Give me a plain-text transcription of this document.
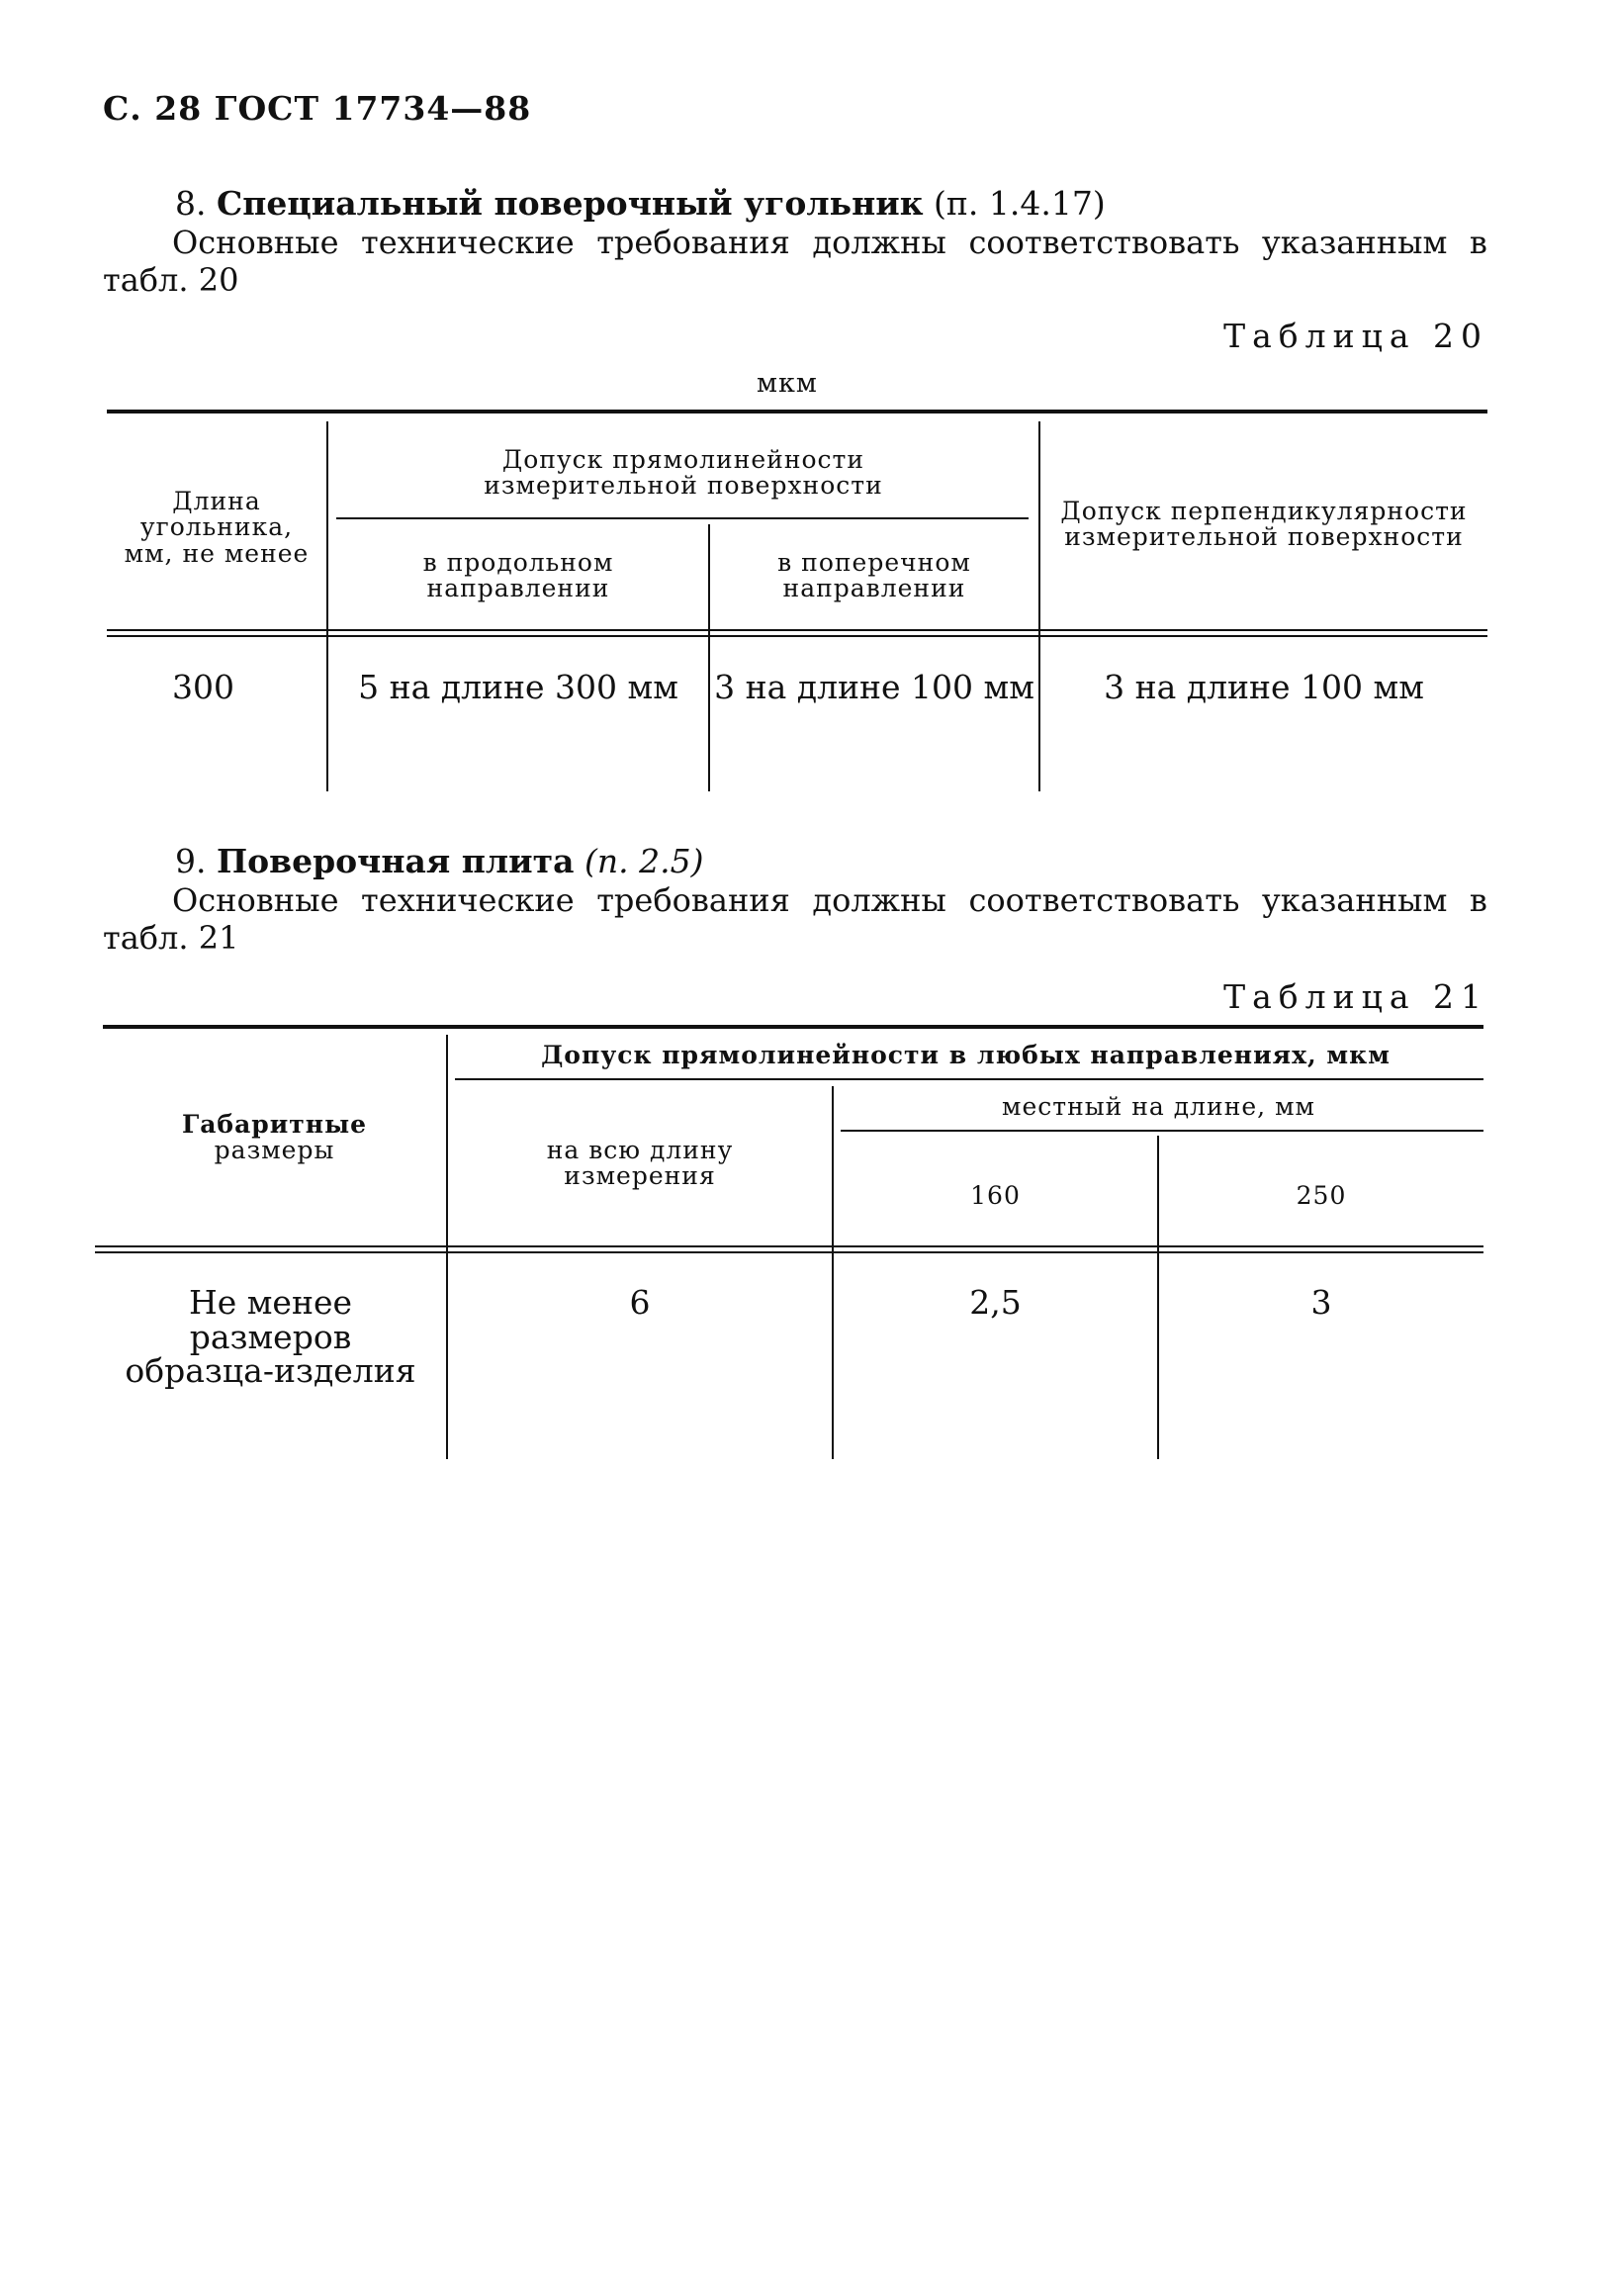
С. 28 ГОСТ 17734—88
8. Специальный поверочный угольник (п. 1.4.17)
Основные технические требования должны соответствовать указанным в
табл. 20
Таблица 20
мкм
Длина
угольника,
мм, не менее
Допуск прямолинейности
измерительной поверхности
в продольном
направлении
в поперечном
направлении
Допуск перпендикулярности
измерительной поверхности
300	5 на длине 300 мм	3 на длине 100 мм	3 на длине 100 мм
9. Поверочная плита (п. 2.5)
Основные технические требования должны соответствовать указанным в
табл. 21
Таблица 21
Габаритные
размеры
Допуск прямолинейности в любых направлениях, мкм
на всю длину
измерения
местный на длине, мм
160	250
Не менее
размеров
образца-изделия
6	2,5	3
